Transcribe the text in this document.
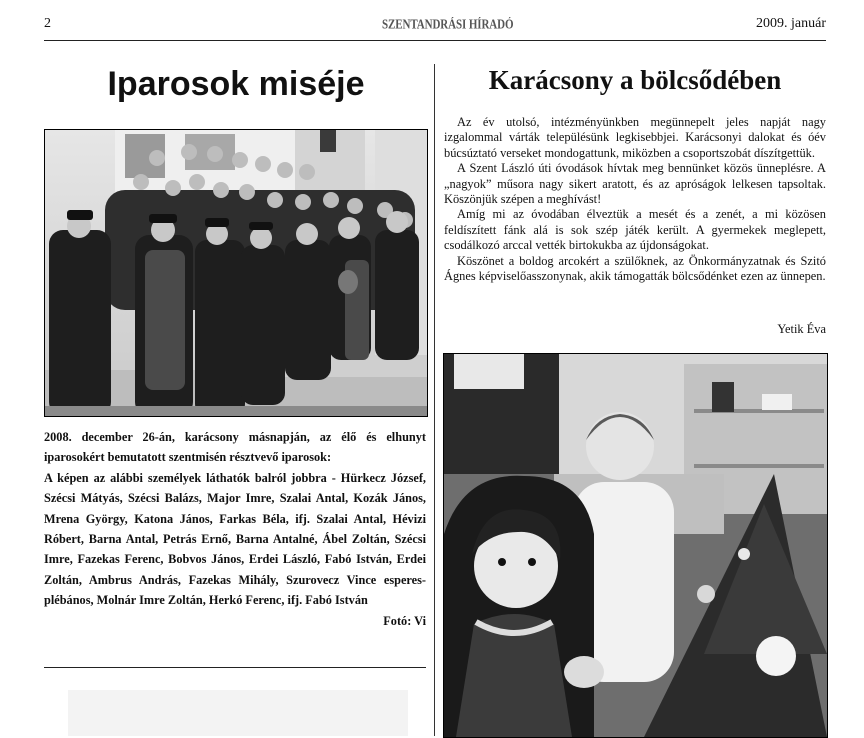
2	SZENTANDRÁSI HÍRADÓ	2009. január
Iparosok miséje

2008. december 26-án, karácsony másnapján, az élő és elhunyt iparosokért bemutatott szentmisén résztvevő iparosok:

A képen az alábbi személyek láthatók balról jobbra - Hürkecz József, Szécsi Mátyás, Szécsi Balázs, Major Imre, Szalai Antal, Kozák János, Mrena György, Katona János, Farkas Béla, ifj. Szalai Antal, Hévizi Róbert, Barna Antal, Petrás Ernő, Barna Antalné, Ábel Zoltán, Szécsi Imre, Fazekas Ferenc, Bobvos János, Erdei László, Fabó István, Erdei Zoltán, Ambrus András, Fazekas Mihály, Szurovecz Vince esperes-plébános, Molnár Imre Zoltán, Herkó Ferenc, ifj. Fabó István

Fotó: Vi

Karácsony a bölcsődében

Az év utolsó, intézményünkben megünnepelt jeles napját nagy izgalommal várták településünk legkisebbjei. Karácsonyi dalokat és óév búcsúztató verseket mondogattunk, miközben a csoportszobát díszítgettük.

A Szent László úti óvodások hívtak meg bennünket közös ünneplésre. A „nagyok” műsora nagy sikert aratott, és az apróságok lelkesen tapsoltak. Köszönjük szépen a meghívást!

Amíg mi az óvodában élveztük a mesét és a zenét, a mi közösen feldíszített fánk alá is sok szép játék került. A gyermekek meglepett, csodálkozó arccal vették birtokukba az újdonságokat.

Köszönet a boldog arcokért a szülőknek, az Önkormányzatnak és Szitó Ágnes képviselőasszonynak, akik támogatták bölcsődénket ezen az ünnepen.

Yetik Éva
